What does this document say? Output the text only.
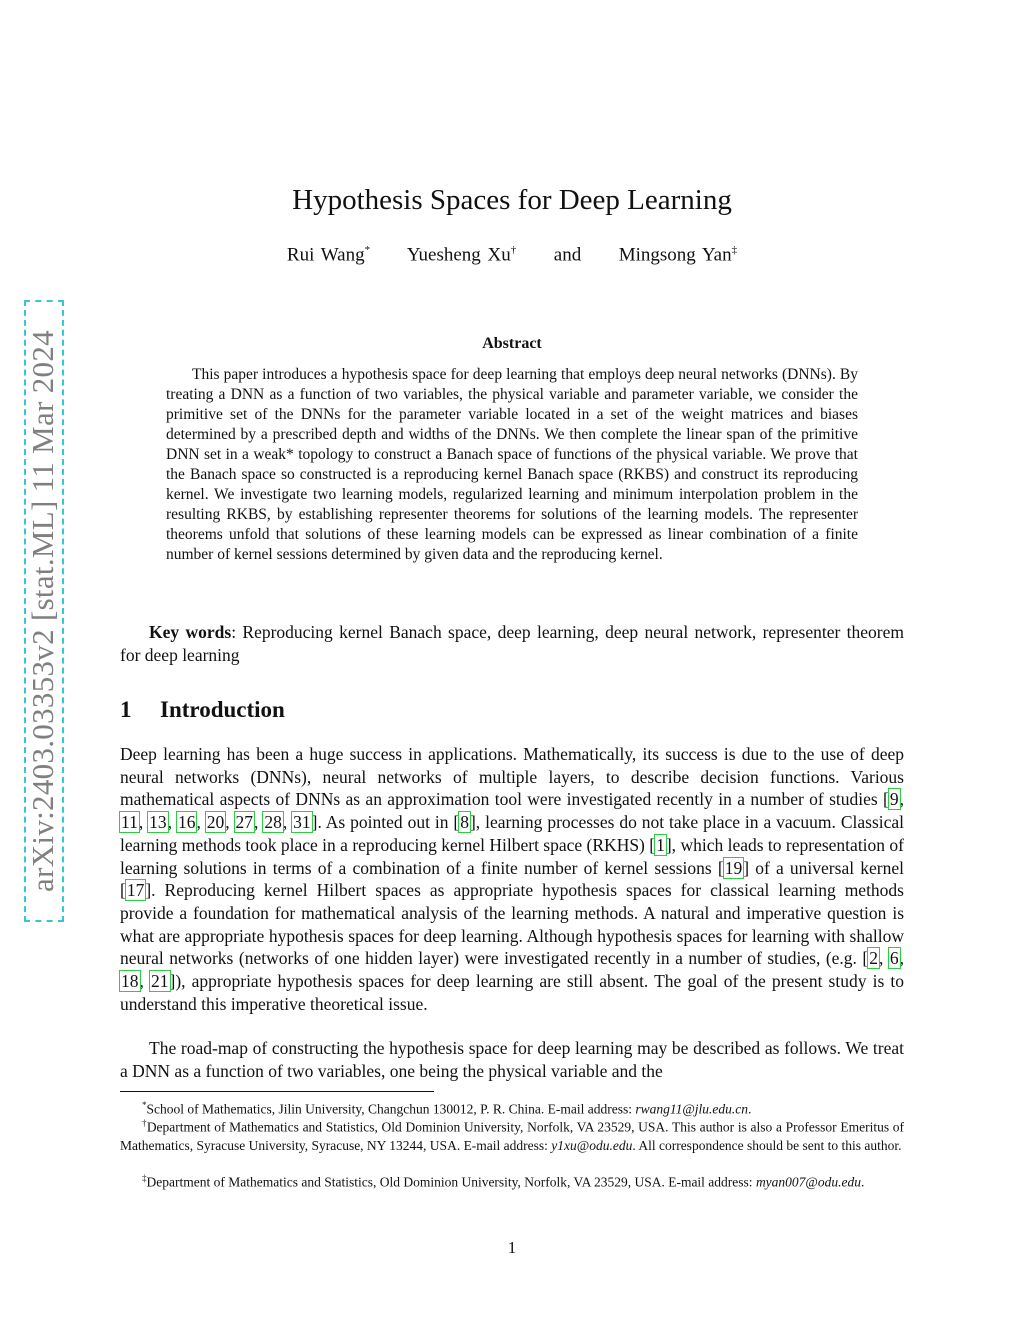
arXiv:2403.03353v2 [stat.ML] 11 Mar 2024
Hypothesis Spaces for Deep Learning
Rui Wang* Yuesheng Xu† and Mingsong Yan‡
Abstract
This paper introduces a hypothesis space for deep learning that employs deep neural networks (DNNs). By treating a DNN as a function of two variables, the physical variable and parameter variable, we consider the primitive set of the DNNs for the parameter variable located in a set of the weight matrices and biases determined by a prescribed depth and widths of the DNNs. We then complete the linear span of the primitive DNN set in a weak* topology to construct a Banach space of functions of the physical variable. We prove that the Banach space so constructed is a reproducing kernel Banach space (RKBS) and construct its reproducing kernel. We investigate two learning models, regularized learning and minimum interpolation problem in the resulting RKBS, by establishing representer theorems for solutions of the learning models. The representer theorems unfold that solutions of these learning models can be expressed as linear combination of a finite number of kernel sessions determined by given data and the reproducing kernel.
Key words: Reproducing kernel Banach space, deep learning, deep neural network, representer theorem for deep learning
1 Introduction
Deep learning has been a huge success in applications. Mathematically, its success is due to the use of deep neural networks (DNNs), neural networks of multiple layers, to describe decision functions. Various mathematical aspects of DNNs as an approximation tool were investigated recently in a number of studies [9, 11, 13, 16, 20, 27, 28, 31]. As pointed out in [8], learning processes do not take place in a vacuum. Classical learning methods took place in a reproducing kernel Hilbert space (RKHS) [1], which leads to representation of learning solutions in terms of a combination of a finite number of kernel sessions [19] of a universal kernel [17]. Reproducing kernel Hilbert spaces as appropriate hypothesis spaces for classical learning methods provide a foundation for mathematical analysis of the learning methods. A natural and imperative question is what are appropriate hypothesis spaces for deep learning. Although hypothesis spaces for learning with shallow neural networks (networks of one hidden layer) were investigated recently in a number of studies, (e.g. [2, 6, 18, 21]), appropriate hypothesis spaces for deep learning are still absent. The goal of the present study is to understand this imperative theoretical issue.
The road-map of constructing the hypothesis space for deep learning may be described as follows. We treat a DNN as a function of two variables, one being the physical variable and the
*School of Mathematics, Jilin University, Changchun 130012, P. R. China. E-mail address: rwang11@jlu.edu.cn.
†Department of Mathematics and Statistics, Old Dominion University, Norfolk, VA 23529, USA. This author is also a Professor Emeritus of Mathematics, Syracuse University, Syracuse, NY 13244, USA. E-mail address: y1xu@odu.edu. All correspondence should be sent to this author.
‡Department of Mathematics and Statistics, Old Dominion University, Norfolk, VA 23529, USA. E-mail address: myan007@odu.edu.
1
